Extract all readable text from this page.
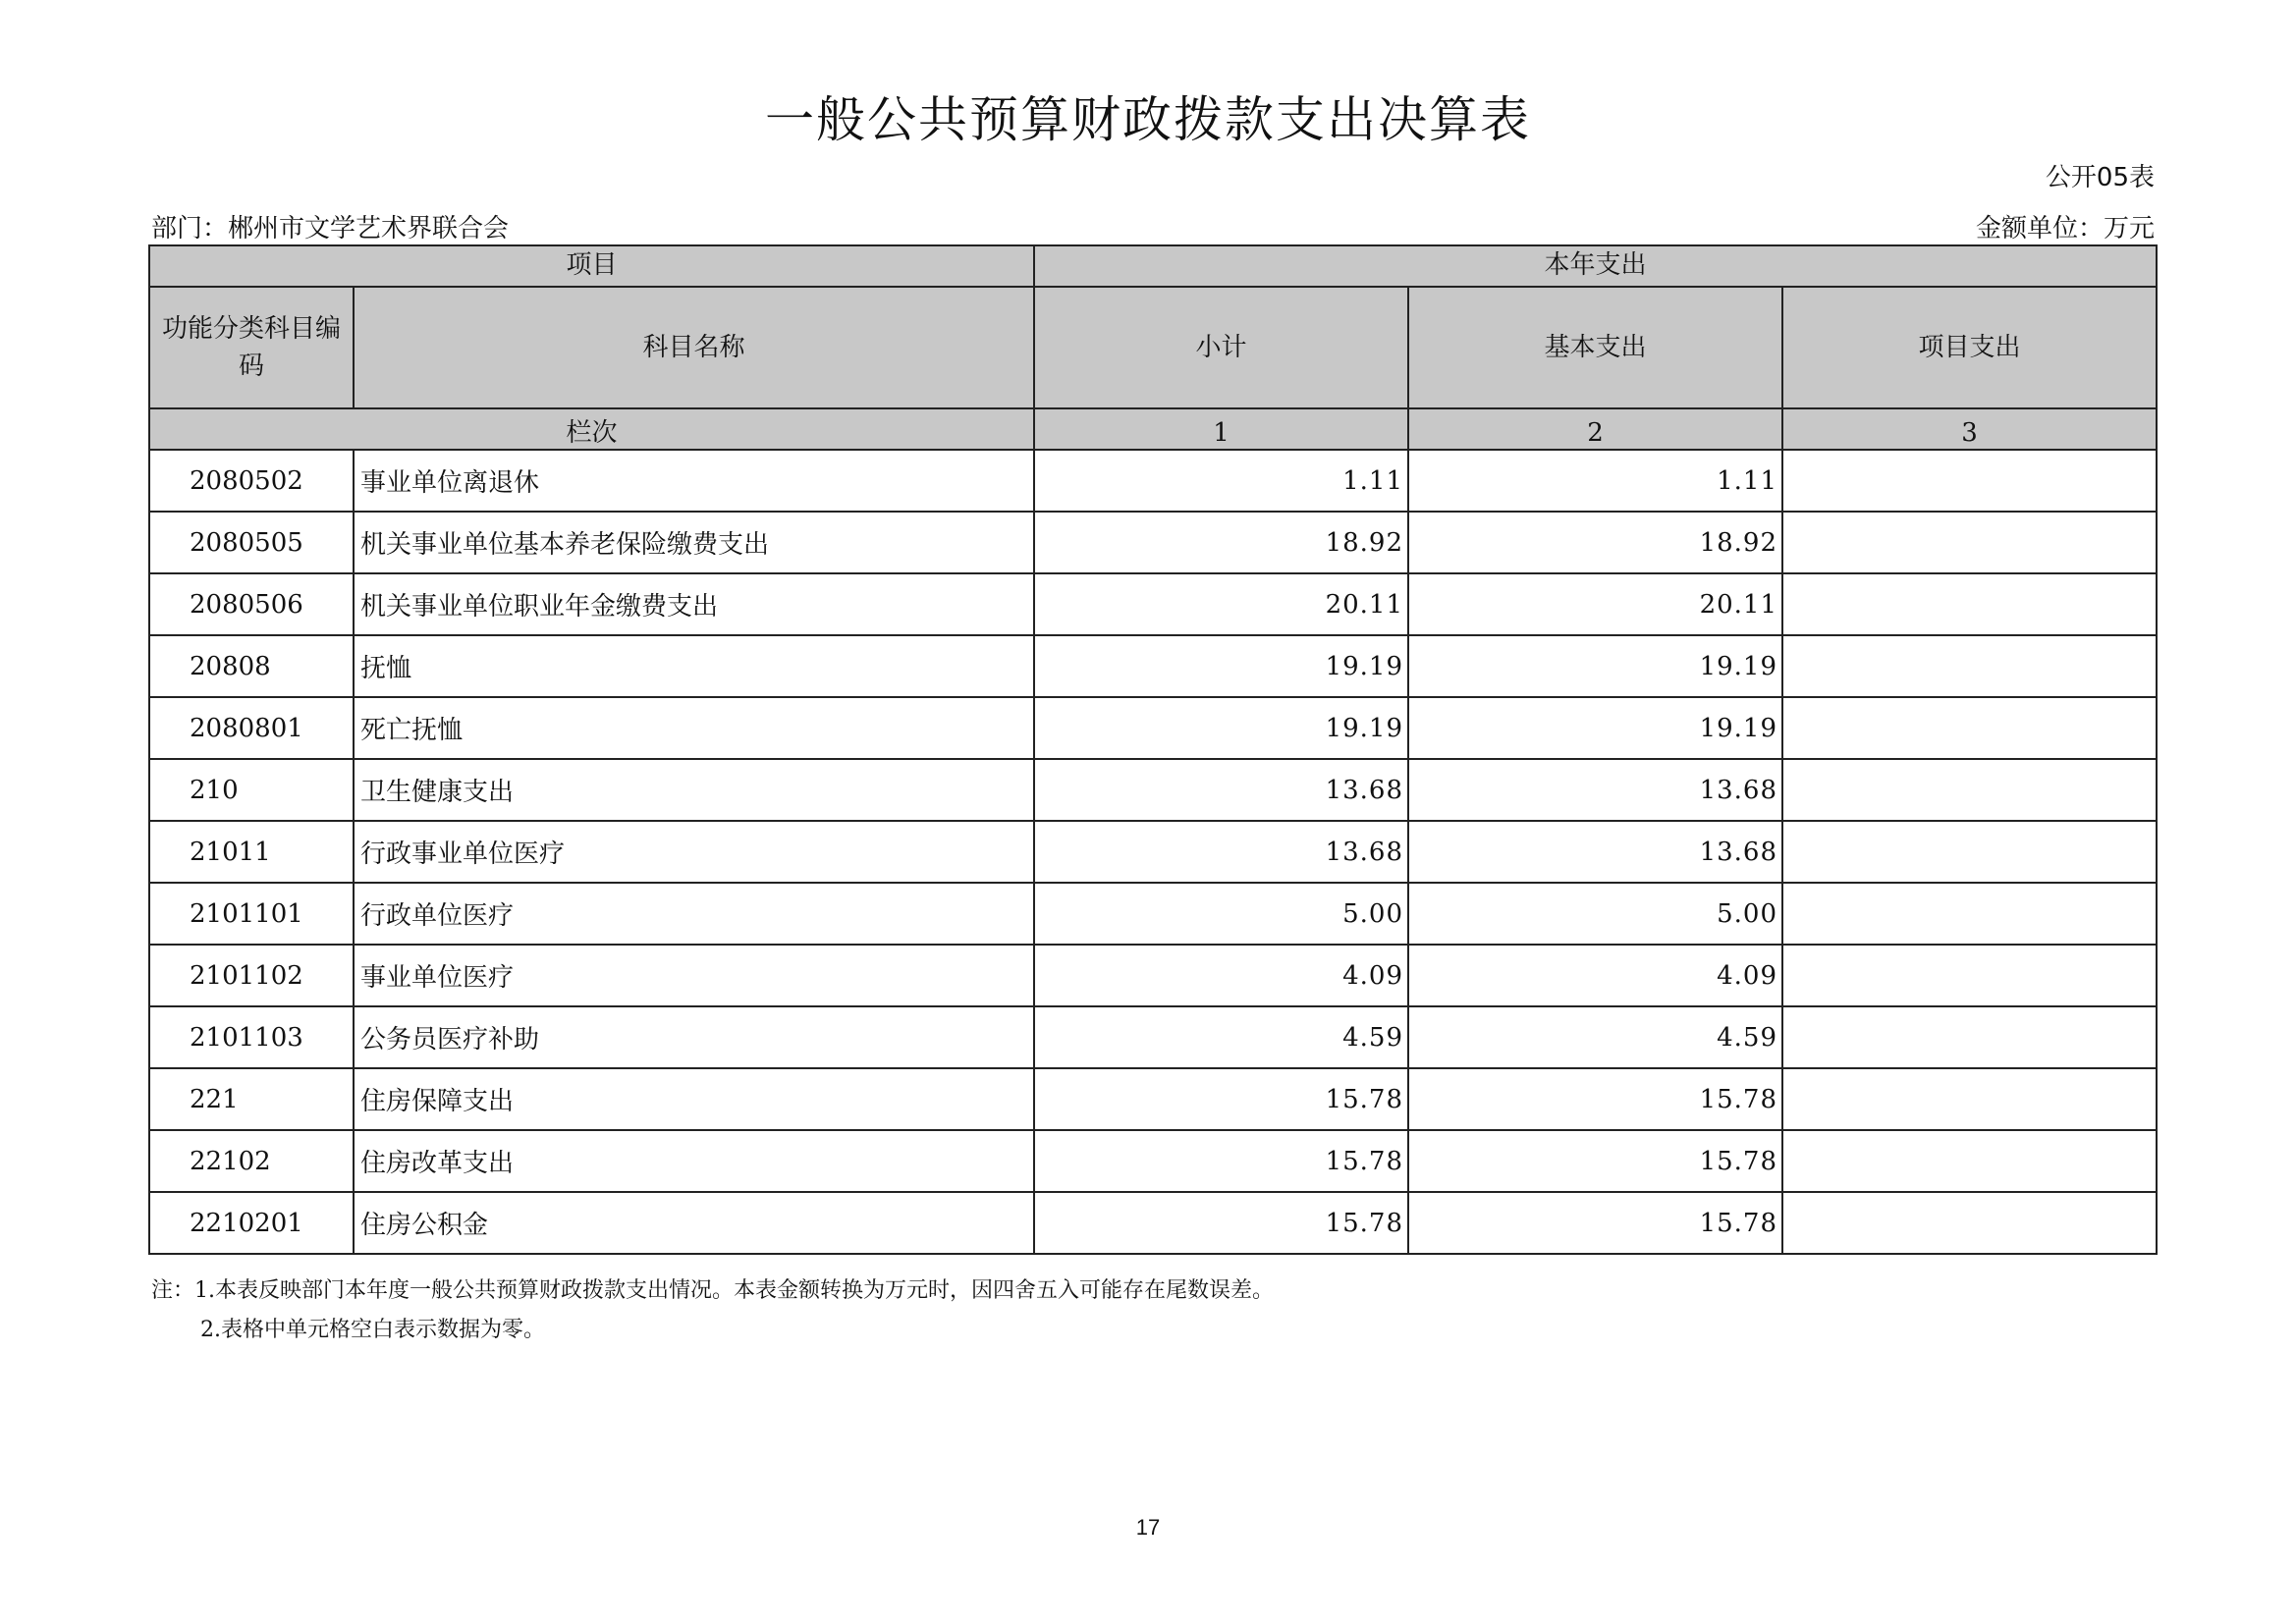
一般公共预算财政拨款支出决算表
公开05表
部门：郴州市文学艺术界联合会	金额单位：万元
项目		本年支出		
功能分类科目编码	科目名称	小计	基本支出	项目支出
栏次		1	2	3
2080502	事业单位离退休	1.11	1.11	
2080505	机关事业单位基本养老保险缴费支出	18.92	18.92	
2080506	机关事业单位职业年金缴费支出	20.11	20.11	
20808	抚恤	19.19	19.19	
2080801	死亡抚恤	19.19	19.19	
210	卫生健康支出	13.68	13.68	
21011	行政事业单位医疗	13.68	13.68	
2101101	行政单位医疗	5.00	5.00	
2101102	事业单位医疗	4.09	4.09	
2101103	公务员医疗补助	4.59	4.59	
221	住房保障支出	15.78	15.78	
22102	住房改革支出	15.78	15.78	
2210201	住房公积金	15.78	15.78	
注：1.本表反映部门本年度一般公共预算财政拨款支出情况。本表金额转换为万元时，因四舍五入可能存在尾数误差。
2.表格中单元格空白表示数据为零。
17
